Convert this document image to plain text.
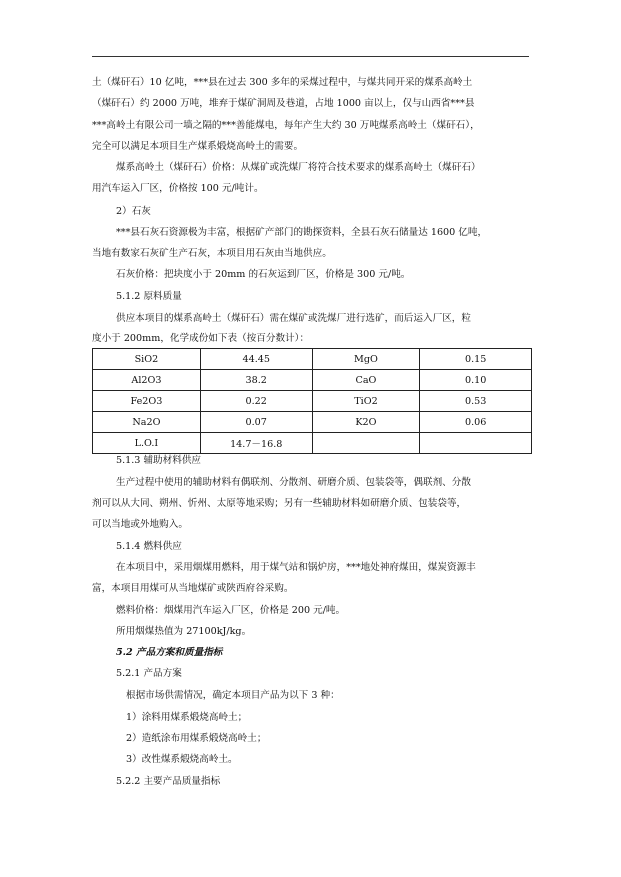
土（煤矸石）10 亿吨，***县在过去 300 多年的采煤过程中，与煤共同开采的煤系高岭土
（煤矸石）约 2000 万吨，堆弃于煤矿洞周及巷道，占地 1000 亩以上，仅与山西省***县
***高岭土有限公司一墙之隔的***善能煤电，每年产生大约 30 万吨煤系高岭土（煤矸石），
完全可以满足本项目生产煤系煅烧高岭土的需要。
煤系高岭土（煤矸石）价格：从煤矿或洗煤厂将符合技术要求的煤系高岭土（煤矸石）
用汽车运入厂区，价格按 100 元/吨计。
2）石灰
***县石灰石资源极为丰富，根据矿产部门的勘探资料，全县石灰石储量达 1600 亿吨，
当地有数家石灰矿生产石灰，本项目用石灰由当地供应。
石灰价格：把块度小于 20mm 的石灰运到厂区，价格是 300 元/吨。
5.1.2 原料质量
供应本项目的煤系高岭土（煤矸石）需在煤矿或洗煤厂进行选矿，而后运入厂区，粒
度小于 200mm，化学成份如下表（按百分数计）：
SiO2	44.45	MgO	0.15
Al2O3	38.2	CaO	0.10
Fe2O3	0.22	TiO2	0.53
Na2O	0.07	K2O	0.06
L.O.I	14.7－16.8		
5.1.3 辅助材料供应
生产过程中使用的辅助材料有偶联剂、分散剂、研磨介质、包装袋等，偶联剂、分散
剂可以从大同、朔州、忻州、太原等地采购；另有一些辅助材料如研磨介质、包装袋等，
可以当地或外地购入。
5.1.4 燃料供应
在本项目中，采用烟煤用燃料，用于煤气站和锅炉房，***地处神府煤田，煤炭资源丰
富，本项目用煤可从当地煤矿或陕西府谷采购。
燃料价格：烟煤用汽车运入厂区，价格是 200 元/吨。
所用烟煤热值为 27100kJ/kg。
5.2 产品方案和质量指标
5.2.1 产品方案
根据市场供需情况，确定本项目产品为以下 3 种：
1）涂料用煤系煅烧高岭土；
2）造纸涂布用煤系煅烧高岭土；
3）改性煤系煅烧高岭土。
5.2.2 主要产品质量指标
